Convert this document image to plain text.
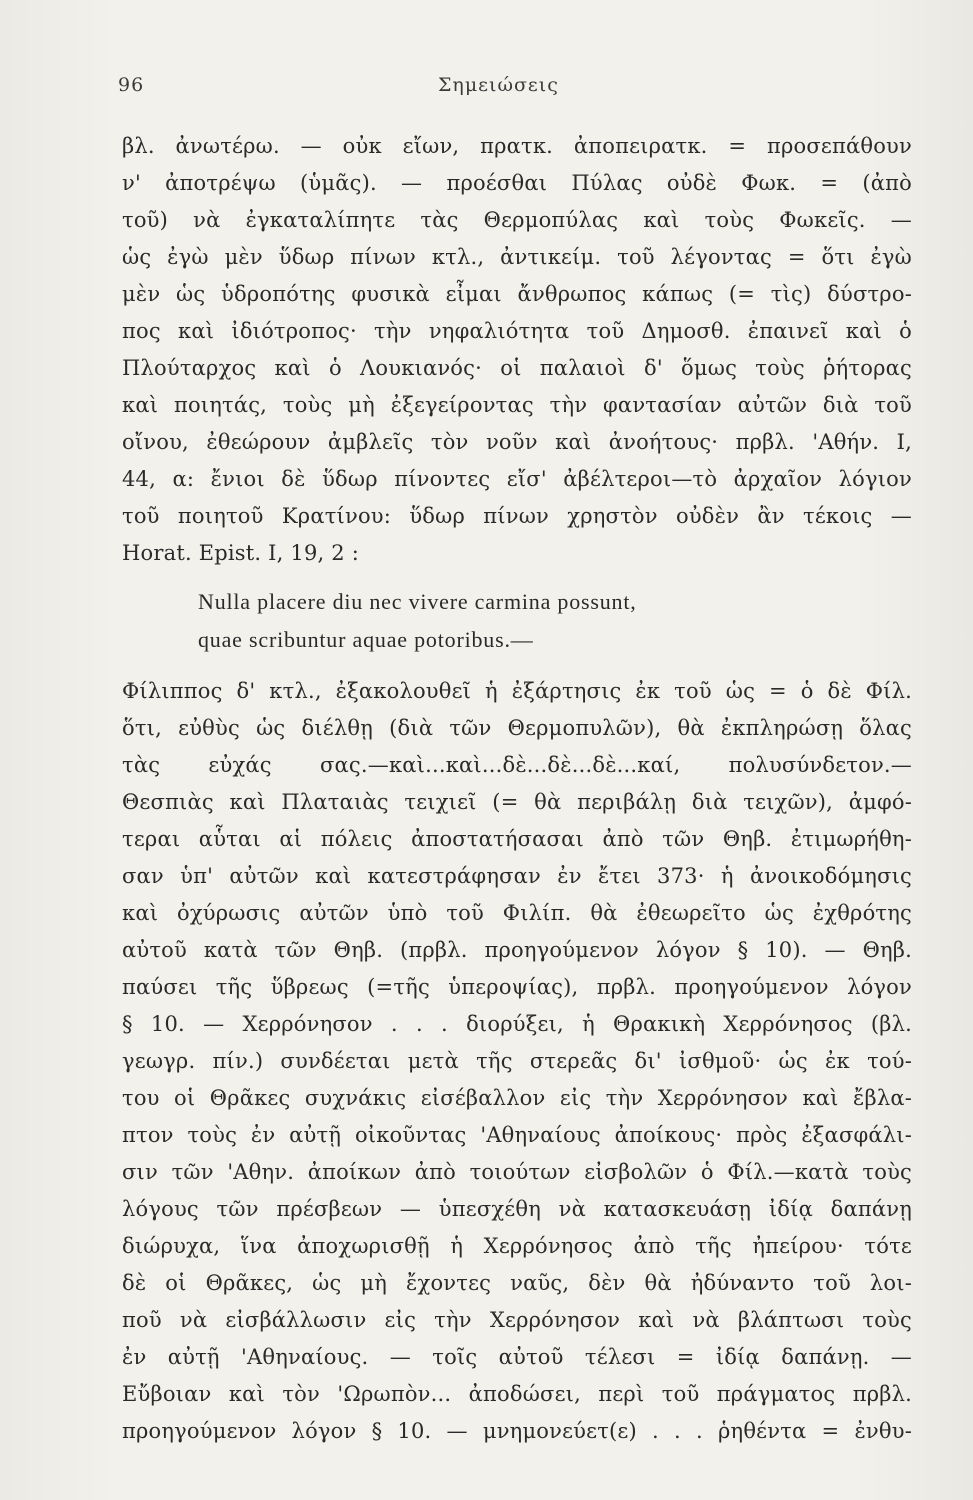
96	Σημειώσεις
βλ. ἀνωτέρω. — οὐκ εἴων, πρατκ. ἀποπειρατκ. = προσεπάθουν
ν' ἀποτρέψω (ὑμᾶς). — προέσθαι Πύλας οὐδὲ Φωκ. = (ἀπὸ
τοῦ) νὰ ἐγκαταλίπητε τὰς Θερμοπύλας καὶ τοὺς Φωκεῖς. —
ὡς ἐγὼ μὲν ὕδωρ πίνων κτλ., ἀντικείμ. τοῦ λέγοντας = ὅτι ἐγὼ
μὲν ὡς ὑδροπότης φυσικὰ εἶμαι ἄνθρωπος κάπως (= τὶς) δύστρο-
πος καὶ ἰδιότροπος· τὴν νηφαλιότητα τοῦ Δημοσθ. ἐπαινεῖ καὶ ὁ
Πλούταρχος καὶ ὁ Λουκιανός· οἱ παλαιοὶ δ' ὅμως τοὺς ῥήτορας
καὶ ποιητάς, τοὺς μὴ ἐξεγείροντας τὴν φαντασίαν αὐτῶν διὰ τοῦ
οἴνου, ἐθεώρουν ἀμβλεῖς τὸν νοῦν καὶ ἀνοήτους· πρβλ. 'Αθήν. I,
44, α: ἔνιοι δὲ ὕδωρ πίνοντες εἴσ' ἀβέλτεροι—τὸ ἀρχαῖον λόγιον
τοῦ ποιητοῦ Κρατίνου: ὕδωρ πίνων χρηστὸν οὐδὲν ἂν τέκοις —
Horat. Epist. I, 19, 2 :
Nulla placere diu nec vivere carmina possunt,
quae scribuntur aquae potoribus.—
Φίλιππος δ' κτλ., ἐξακολουθεῖ ἡ ἐξάρτησις ἐκ τοῦ ὡς = ὁ δὲ Φίλ.
ὅτι, εὐθὺς ὡς διέλθῃ (διὰ τῶν Θερμοπυλῶν), θὰ ἐκπληρώσῃ ὅλας
τὰς εὐχάς σας.—καὶ...καὶ...δὲ...δὲ...δὲ...καί, πολυσύνδετον.—
Θεσπιὰς καὶ Πλαταιὰς τειχιεῖ (= θὰ περιβάλῃ διὰ τειχῶν), ἀμφό-
τεραι αὗται αἱ πόλεις ἀποστατήσασαι ἀπὸ τῶν Θηβ. ἐτιμωρήθη-
σαν ὑπ' αὐτῶν καὶ κατεστράφησαν ἐν ἔτει 373· ἡ ἀνοικοδόμησις
καὶ ὀχύρωσις αὐτῶν ὑπὸ τοῦ Φιλίπ. θὰ ἐθεωρεῖτο ὡς ἐχθρότης
αὐτοῦ κατὰ τῶν Θηβ. (πρβλ. προηγούμενον λόγον § 10). — Θηβ.
παύσει τῆς ὕβρεως (=τῆς ὑπεροψίας), πρβλ. προηγούμενον λόγον
§ 10. — Χερρόνησον . . . διορύξει, ἡ Θρακικὴ Χερρόνησος (βλ.
γεωγρ. πίν.) συνδέεται μετὰ τῆς στερεᾶς δι' ἰσθμοῦ· ὡς ἐκ τού-
του οἱ Θρᾶκες συχνάκις εἰσέβαλλον εἰς τὴν Χερρόνησον καὶ ἔβλα-
πτον τοὺς ἐν αὐτῇ οἰκοῦντας 'Αθηναίους ἀποίκους· πρὸς ἐξασφάλι-
σιν τῶν 'Αθην. ἀποίκων ἀπὸ τοιούτων εἰσβολῶν ὁ Φίλ.—κατὰ τοὺς
λόγους τῶν πρέσβεων — ὑπεσχέθη νὰ κατασκευάσῃ ἰδίᾳ δαπάνῃ
διώρυχα, ἵνα ἀποχωρισθῇ ἡ Χερρόνησος ἀπὸ τῆς ἠπείρου· τότε
δὲ οἱ Θρᾶκες, ὡς μὴ ἔχοντες ναῦς, δὲν θὰ ἠδύναντο τοῦ λοι-
ποῦ νὰ εἰσβάλλωσιν εἰς τὴν Χερρόνησον καὶ νὰ βλάπτωσι τοὺς
ἐν αὐτῇ 'Αθηναίους. — τοῖς αὐτοῦ τέλεσι = ἰδίᾳ δαπάνῃ. —
Εὔβοιαν καὶ τὸν 'Ωρωπὸν... ἀποδώσει, περὶ τοῦ πράγματος πρβλ.
προηγούμενον λόγον § 10. — μνημονεύετ(ε) . . . ῥηθέντα = ἐνθυ-
